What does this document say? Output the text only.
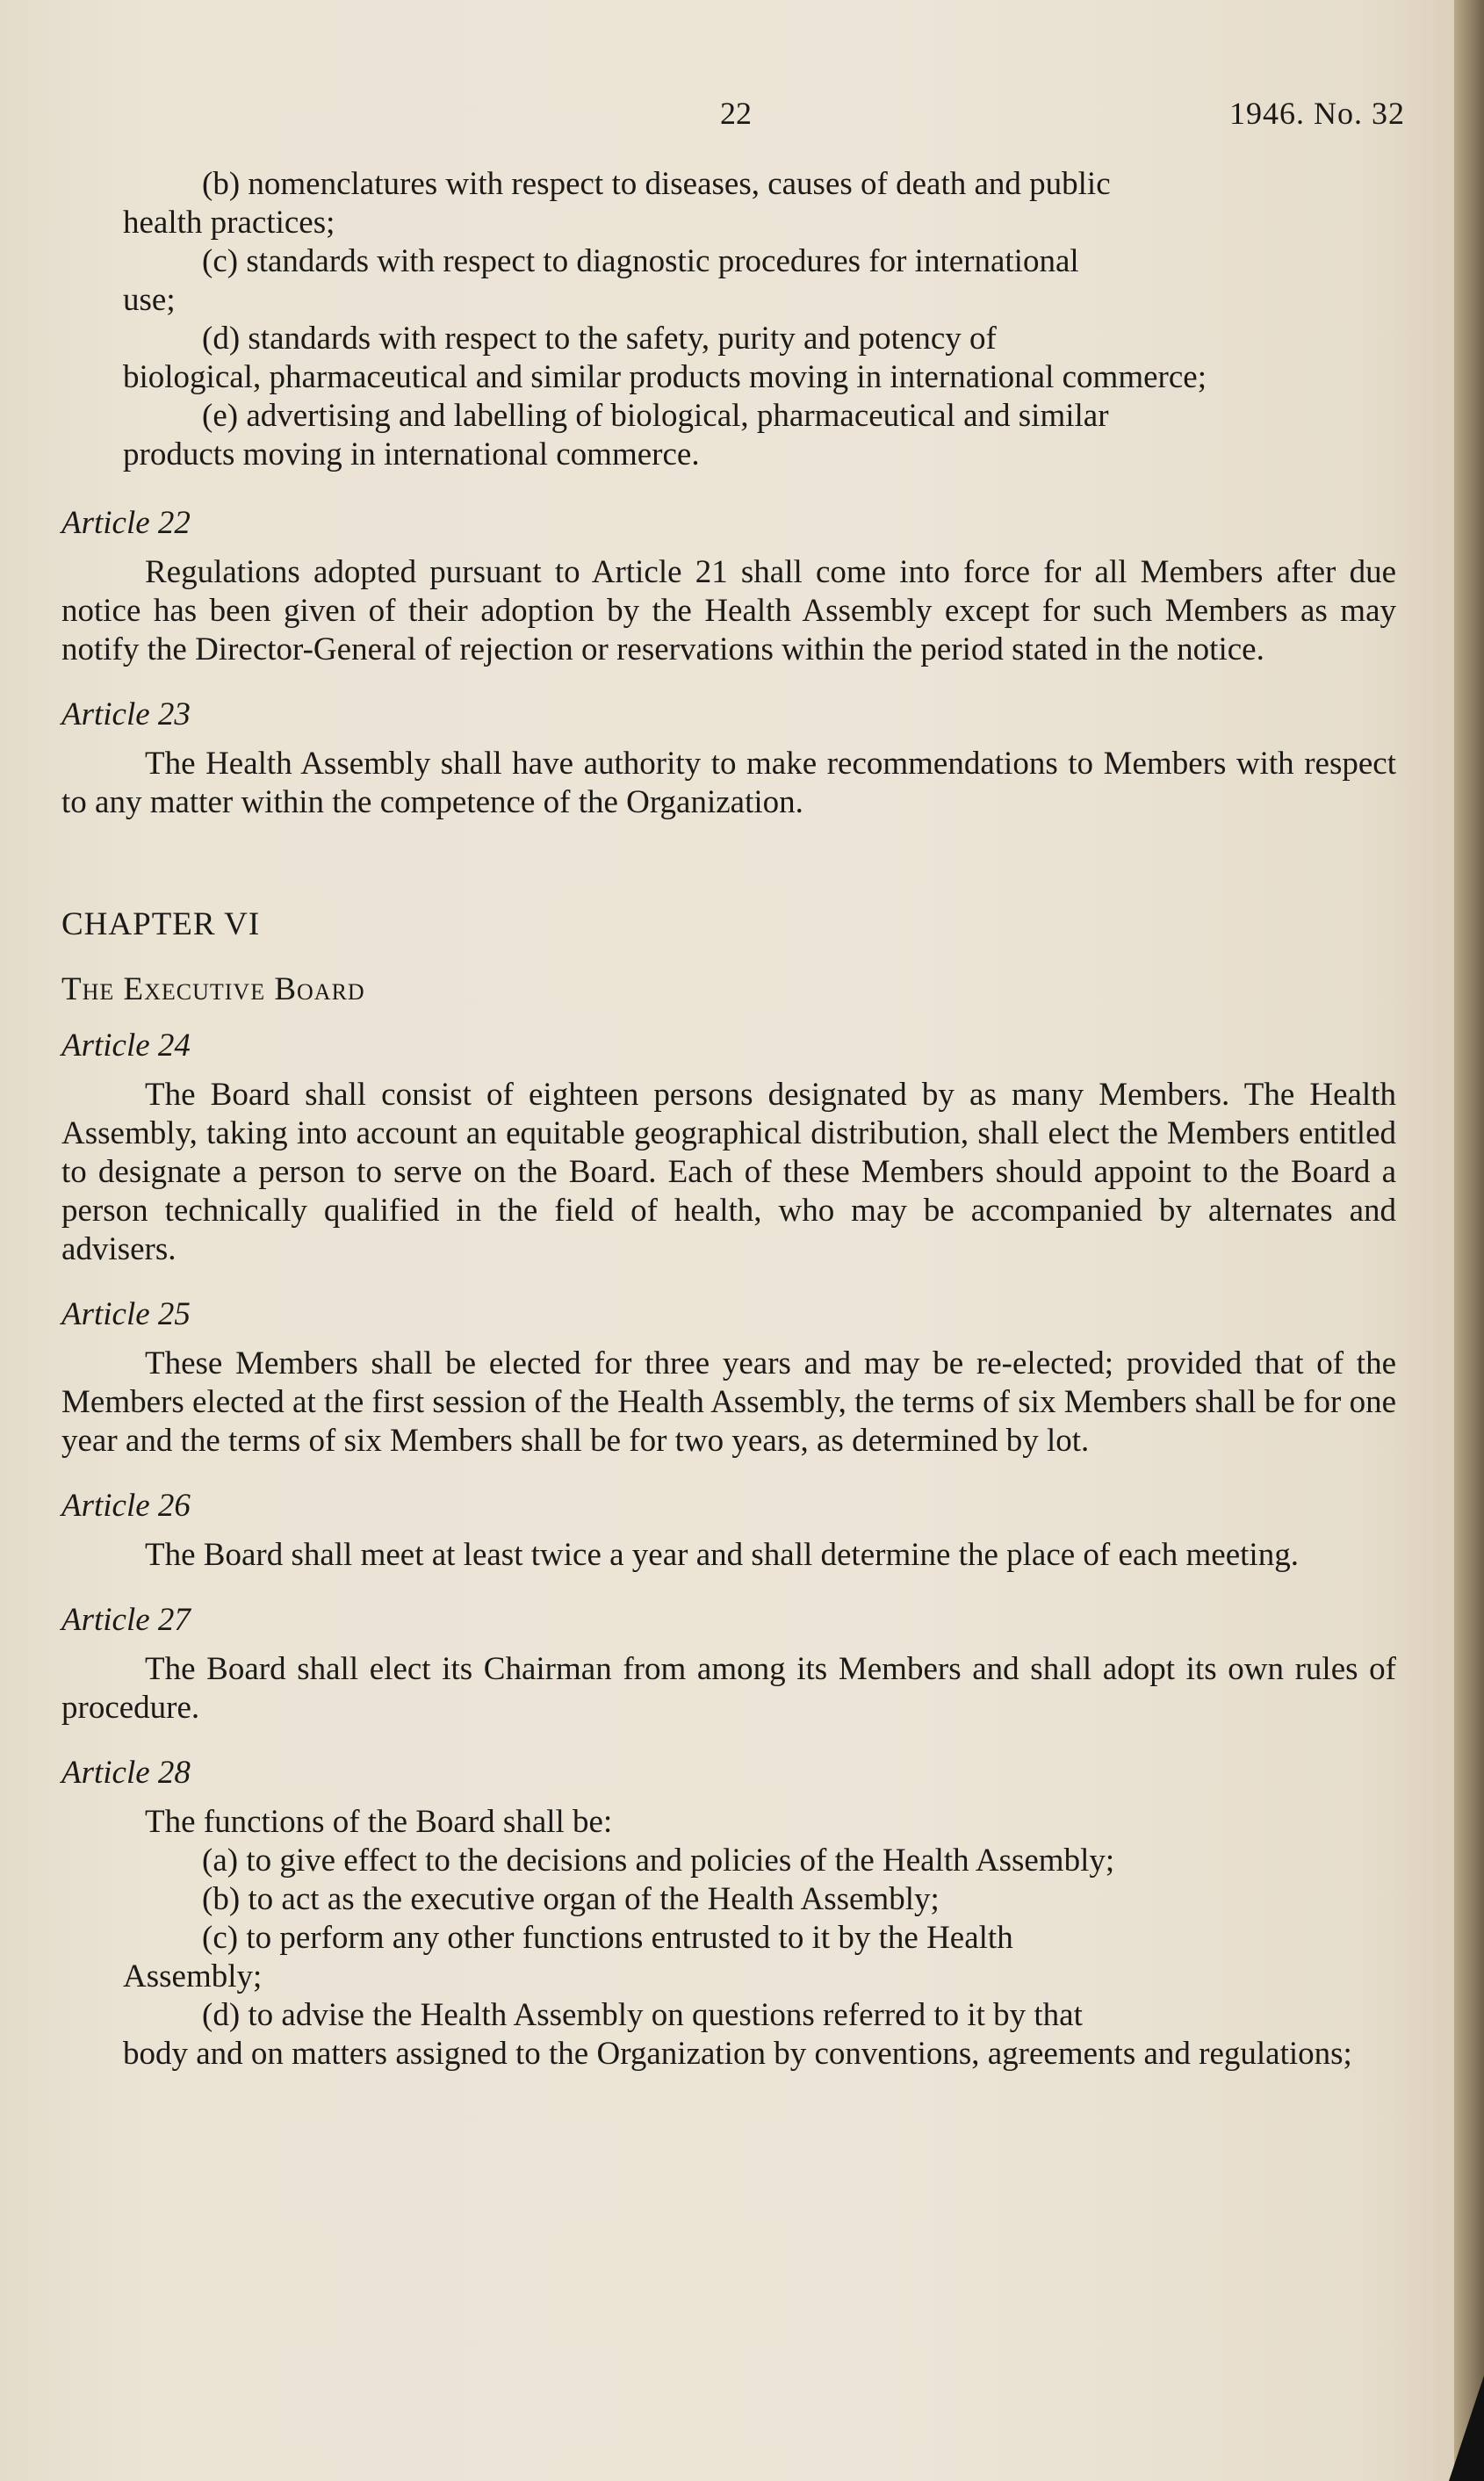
22	1946. No. 32

(b) nomenclatures with respect to diseases, causes of death and public

health practices;

(c) standards with respect to diagnostic procedures for international

use;

(d) standards with respect to the safety, purity and potency of

biological, pharmaceutical and similar products moving in international commerce;

(e) advertising and labelling of biological, pharmaceutical and similar

products moving in international commerce.

Article 22

Regulations adopted pursuant to Article 21 shall come into force for all Members after due notice has been given of their adoption by the Health Assembly except for such Members as may notify the Director-General of rejection or reservations within the period stated in the notice.

Article 23

The Health Assembly shall have authority to make recommendations to Members with respect to any matter within the competence of the Organization.

CHAPTER VI

The Executive Board

Article 24

The Board shall consist of eighteen persons designated by as many Members. The Health Assembly, taking into account an equitable geographical distribution, shall elect the Members entitled to designate a person to serve on the Board. Each of these Members should appoint to the Board a person technically qualified in the field of health, who may be accompanied by alternates and advisers.

Article 25

These Members shall be elected for three years and may be re-elected; provided that of the Members elected at the first session of the Health Assembly, the terms of six Members shall be for one year and the terms of six Members shall be for two years, as determined by lot.

Article 26

The Board shall meet at least twice a year and shall determine the place of each meeting.

Article 27

The Board shall elect its Chairman from among its Members and shall adopt its own rules of procedure.

Article 28

The functions of the Board shall be:

(a) to give effect to the decisions and policies of the Health Assembly;

(b) to act as the executive organ of the Health Assembly;

(c) to perform any other functions entrusted to it by the Health

Assembly;

(d) to advise the Health Assembly on questions referred to it by that

body and on matters assigned to the Organization by conventions, agreements and regulations;
